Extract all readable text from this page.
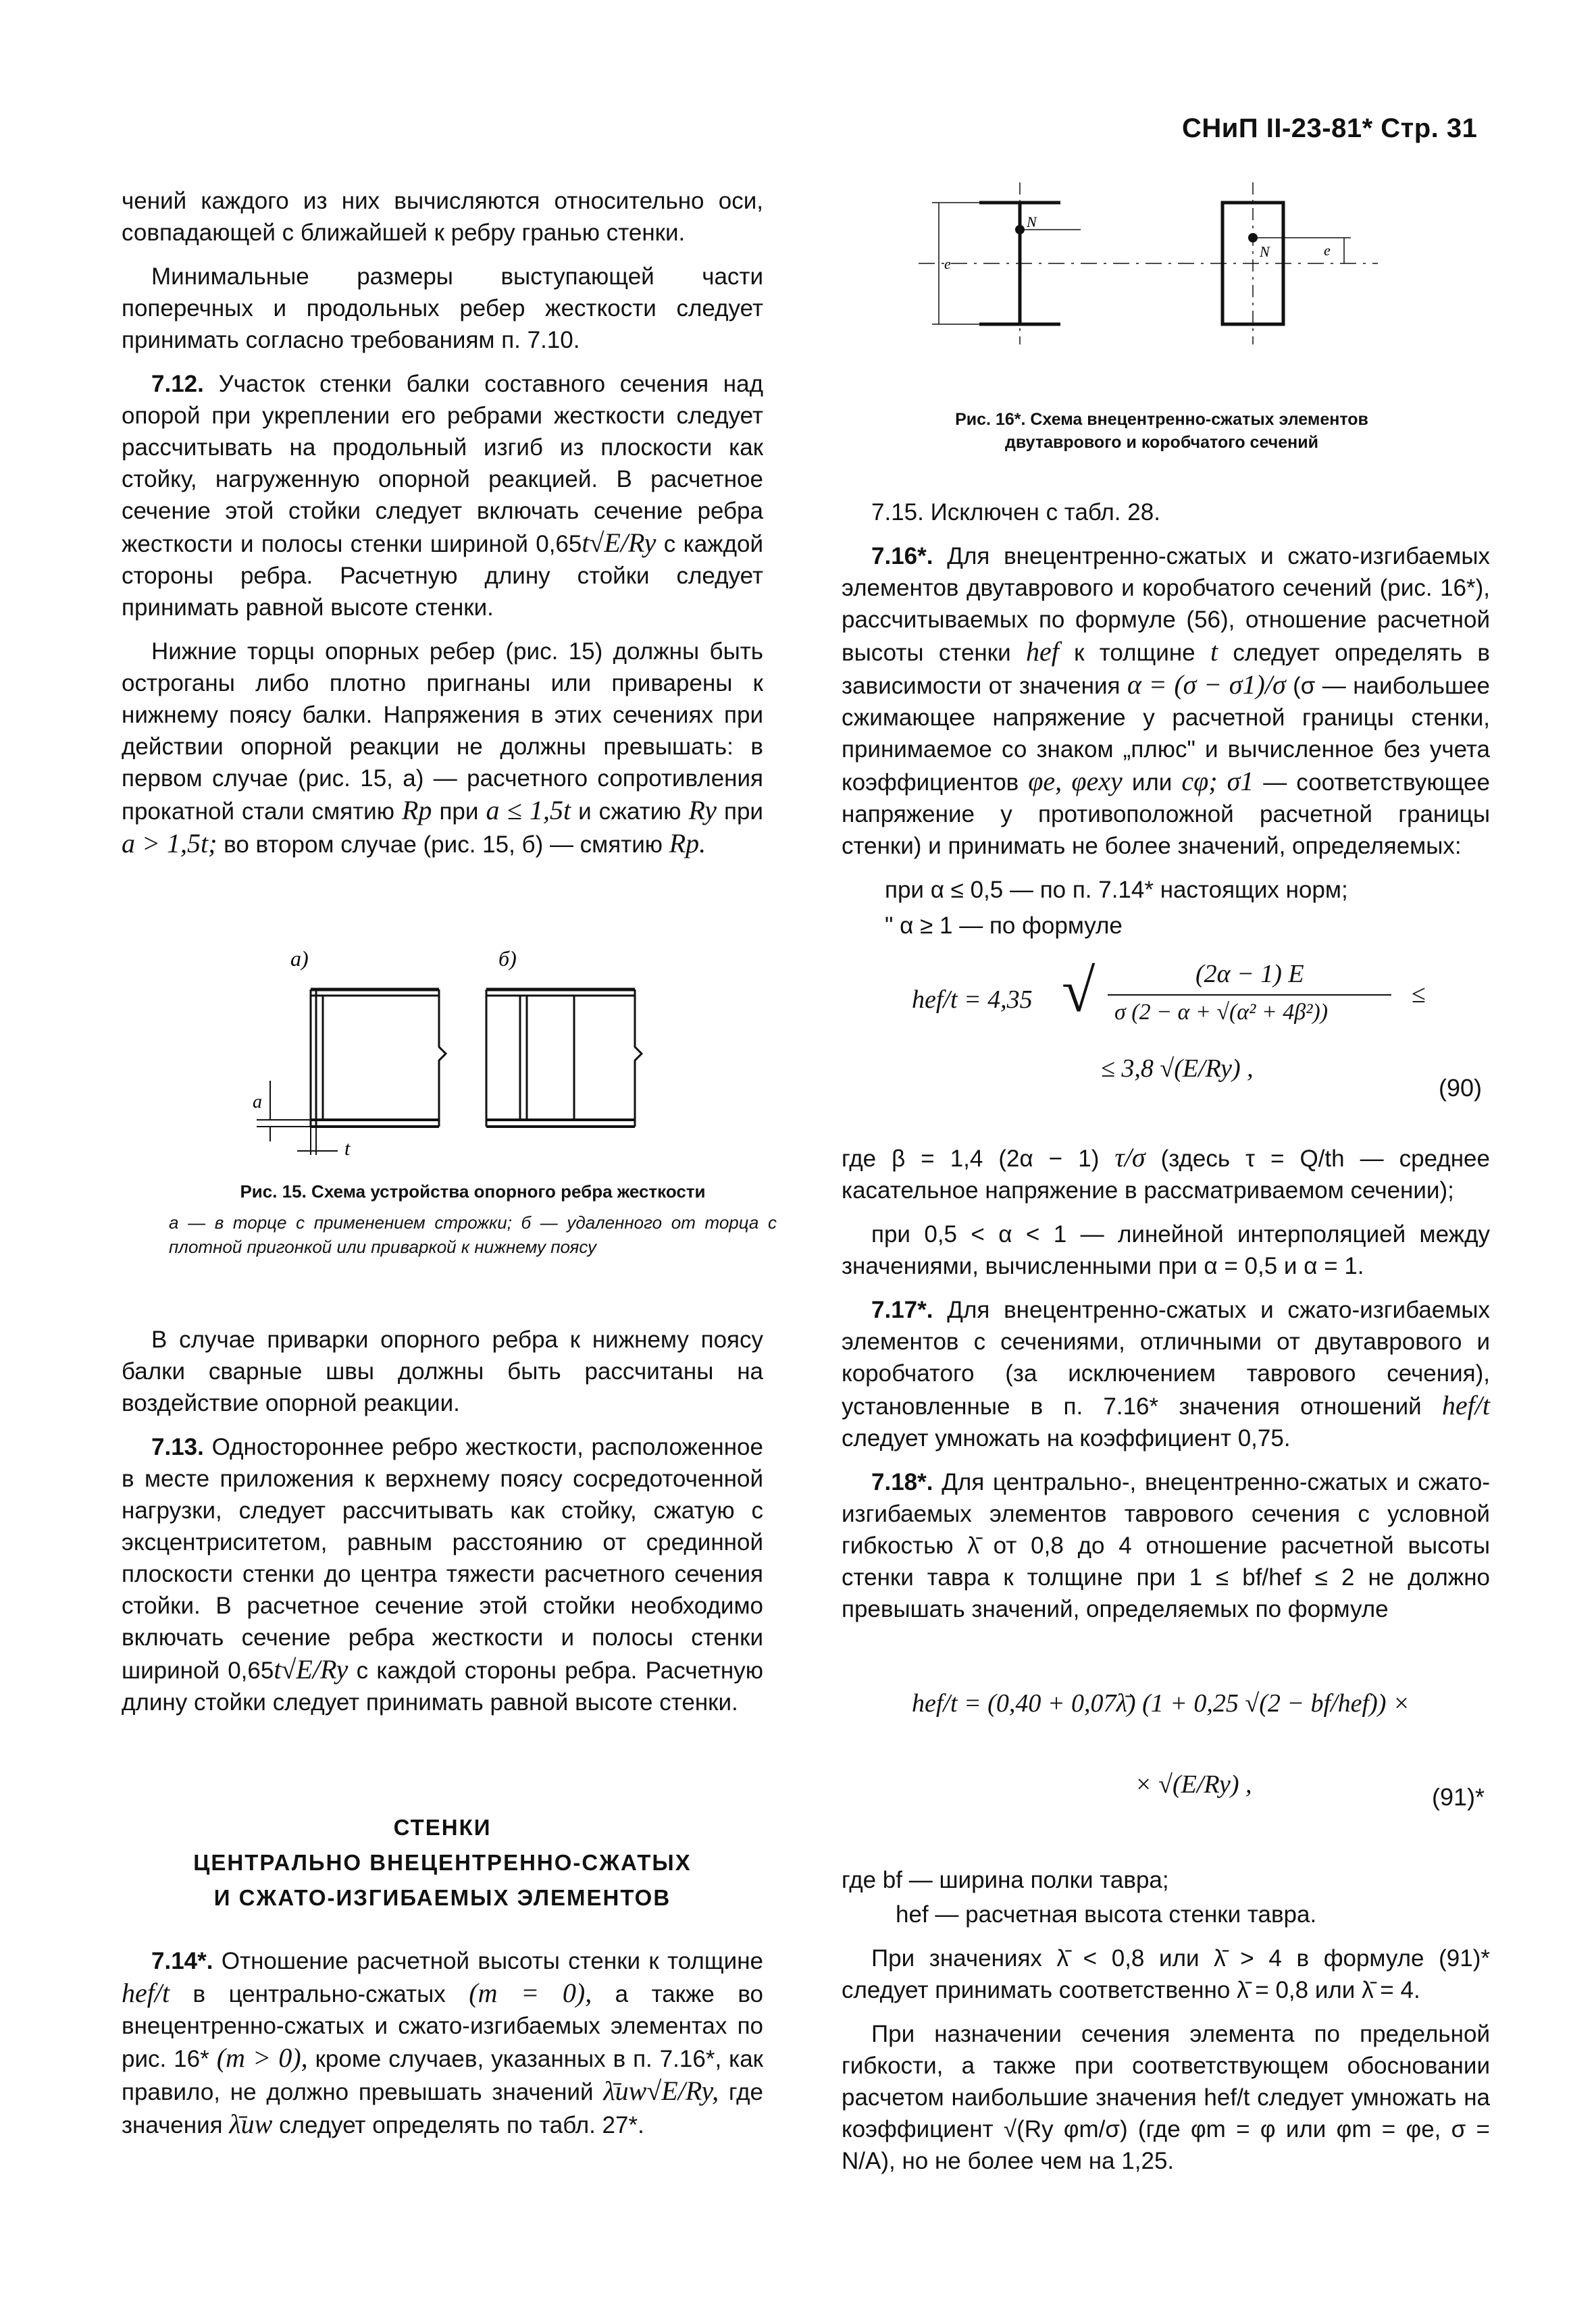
СНиП II-23-81* Стр. 31

чений каждого из них вычисляются относительно оси, совпадающей с ближайшей к ребру гранью стенки.

Минимальные размеры выступающей части поперечных и продольных ребер жесткости следует принимать согласно требованиям п. 7.10.

7.12. Участок стенки балки составного сечения над опорой при укреплении его ребрами жесткости следует рассчитывать на продольный изгиб из плоскости как стойку, нагруженную опорной реакцией. В расчетное сечение этой стойки следует включать сечение ребра жесткости и полосы стенки шириной 0,65t√E/Ry с каждой стороны ребра. Расчетную длину стойки следует принимать равной высоте стенки.

Нижние торцы опорных ребер (рис. 15) должны быть остроганы либо плотно пригнаны или приварены к нижнему поясу балки. Напряжения в этих сечениях при действии опорной реакции не должны превышать: в первом случае (рис. 15, а) — расчетного сопротивления прокатной стали смятию Rp при a ≤ 1,5t и сжатию Ry при a > 1,5t; во втором случае (рис. 15, б) — смятию Rp.

а)	б)
a
t
Рис. 15. Схема устройства опорного ребра жесткости
а — в торце с применением строжки; б — удаленного от торца с плотной пригонкой или приваркой к нижнему поясу

В случае приварки опорного ребра к нижнему поясу балки сварные швы должны быть рассчитаны на воздействие опорной реакции.

7.13. Одностороннее ребро жесткости, расположенное в месте приложения к верхнему поясу сосредоточенной нагрузки, следует рассчитывать как стойку, сжатую с эксцентриситетом, равным расстоянию от срединной плоскости стенки до центра тяжести расчетного сечения стойки. В расчетное сечение этой стойки необходимо включать сечение ребра жесткости и полосы стенки шириной 0,65t√E/Ry с каждой стороны ребра. Расчетную длину стойки следует принимать равной высоте стенки.

СТЕНКИ
ЦЕНТРАЛЬНО ВНЕЦЕНТРЕННО-СЖАТЫХ
И СЖАТО-ИЗГИБАЕМЫХ ЭЛЕМЕНТОВ

7.14*. Отношение расчетной высоты стенки к толщине hef/t в центрально-сжатых (m = 0), а также во внецентренно-сжатых и сжато-изгибаемых элементах по рис. 16* (m > 0), кроме случаев, указанных в п. 7.16*, как правило, не должно превышать значений λ̄uw√E/Ry, где значения λ̄uw следует определять по табл. 27*.

N
N
e
e
Рис. 16*. Схема внецентренно-сжатых элементов двутаврового и коробчатого сечений

7.15. Исключен с табл. 28.

7.16*. Для внецентренно-сжатых и сжато-изгибаемых элементов двутаврового и коробчатого сечений (рис. 16*), рассчитываемых по формуле (56), отношение расчетной высоты стенки hef к толщине t следует определять в зависимости от значения α = (σ − σ1)/σ (σ — наибольшее сжимающее напряжение у расчетной границы стенки, принимаемое со знаком „плюс" и вычисленное без учета коэффициентов φe, φexy или cφ; σ1 — соответствующее напряжение у противоположной расчетной границы стенки) и принимать не более значений, определяемых:

при α ≤ 0,5 — по п. 7.14* настоящих норм;

" α ≥ 1 — по формуле

hef/t = 4,35 √	(2α − 1) E
σ (2 − α + √(α² + 4β²))
≤
≤ 3,8 √(E/Ry) ,
(90)

где β = 1,4 (2α − 1) τ/σ (здесь τ = Q/th — среднее касательное напряжение в рассматриваемом сечении);

при 0,5 < α < 1 — линейной интерполяцией между значениями, вычисленными при α = 0,5 и α = 1.

7.17*. Для внецентренно-сжатых и сжато-изгибаемых элементов с сечениями, отличными от двутаврового и коробчатого (за исключением таврового сечения), установленные в п. 7.16* значения отношений hef/t следует умножать на коэффициент 0,75.

7.18*. Для центрально-, внецентренно-сжатых и сжато-изгибаемых элементов таврового сечения с условной гибкостью λ̄ от 0,8 до 4 отношение расчетной высоты стенки тавра к толщине при 1 ≤ bf/hef ≤ 2 не должно превышать значений, определяемых по формуле

hef/t = (0,40 + 0,07λ̄) (1 + 0,25 √(2 − bf/hef)) ×
× √(E/Ry) ,	(91)*

где bf — ширина полки тавра;

hef — расчетная высота стенки тавра.

При значениях λ̄ < 0,8 или λ̄ > 4 в формуле (91)* следует принимать соответственно λ̄ = 0,8 или λ̄ = 4.

При назначении сечения элемента по предельной гибкости, а также при соответствующем обосновании расчетом наибольшие значения hef/t следует умножать на коэффициент √(Ry φm/σ) (где φm = φ или φm = φe, σ = N/A), но не более чем на 1,25.
